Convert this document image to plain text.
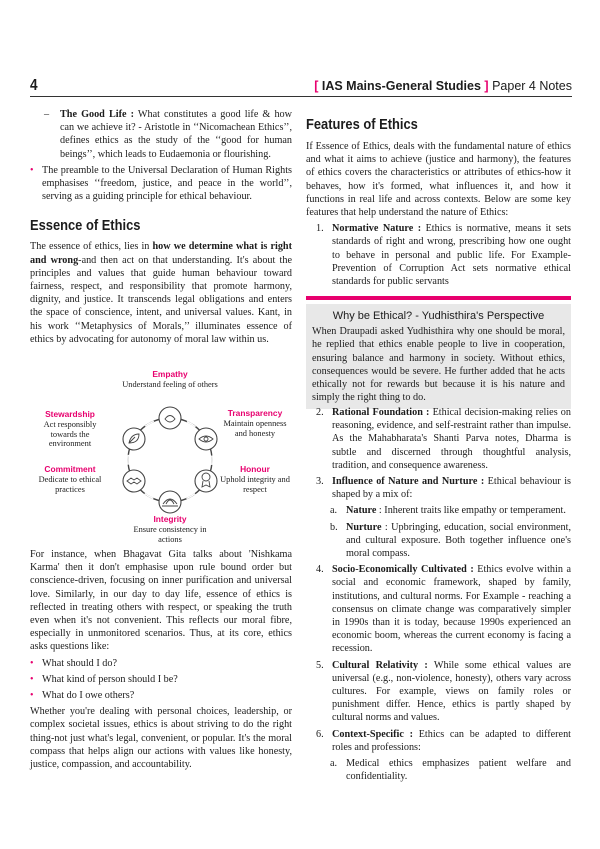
4	[ IAS Mains-General Studies ] Paper 4 Notes
–	The Good Life : What constitutes a good life & how can we achieve it? - Aristotle in ‘‘Nicomachean Ethics’’, defines ethics as the study of the ‘‘good for human beings’’, which leads to Eudaemonia or flourishing.

• The preamble to the Universal Declaration of Human Rights emphasises ‘‘freedom, justice, and peace in the world’’, serving as a guiding principle for ethical behaviour.

Essence of Ethics

The essence of ethics, lies in how we determine what is right and wrong-and then act on that understanding. It's about the principles and values that guide human behaviour toward fairness, respect, and responsibility that promote harmony, dignity, and justice. It transcends legal obligations and enters the space of conscience, intent, and universal values. Kant, in his work ‘‘Metaphysics of Morals,’’ illuminates essence of ethics by advocating for autonomy of moral law within us.

Empathy
Understand feeling of others
Transparency
Maintain openness and honesty
Honour
Uphold integrity and respect
Integrity
Ensure consistency in actions
Commitment
Dedicate to ethical practices
Stewardship
Act responsibly towards the environment

For instance, when Bhagavat Gita talks about 'Nishkama Karma' then it don't emphasise upon rule bound order but conscience-driven, focusing on inner purification and universal love. Similarly, in our day to day life, essence of ethics is reflected in treating others with respect, or speaking the truth even when it's not convenient. This reflects our moral fibre, especially in unmonitored scenarios. Thus, at its core, ethics asks questions like:

• What should I do?
• What kind of person should I be?
• What do I owe others?

Whether you're dealing with personal choices, leadership, or complex societal issues, ethics is about striving to do the right thing-not just what's legal, convenient, or popular. It's the moral compass that helps align our actions with values like honesty, justice, compassion, and accountability.

Features of Ethics

If Essence of Ethics, deals with the fundamental nature of ethics and what it aims to achieve (justice and harmony), the features of ethics covers the characteristics or attributes of ethics-how it behaves, how it's formed, what influences it, and how it functions in real life and across contexts. Below are some key features that help understand the nature of Ethics:

1. Normative Nature : Ethics is normative, means it sets standards of right and wrong, prescribing how one ought to behave in personal and public life. For Example- Prevention of Corruption Act sets normative ethical standards for public servants

Why be Ethical? - Yudhisthira's Perspective

When Draupadi asked Yudhisthira why one should be moral, he replied that ethics enable people to live in cooperation, ensuring balance and harmony in society. Without ethics, consequences would be severe. He further added that he acts ethically not for rewards but because it is his nature and simply the right thing to do.

2. Rational Foundation : Ethical decision-making relies on reasoning, evidence, and self-restraint rather than impulse. As the Mahabharata's Shanti Parva notes, Dharma is subtle and discerned through thoughtful analysis, tradition, and consequence awareness.

3. Influence of Nature and Nurture : Ethical behaviour is shaped by a mix of:

a. Nature : Inherent traits like empathy or temperament.

b. Nurture : Upbringing, education, social environment, and cultural exposure. Both together influence one's moral compass.

4. Socio-Economically Cultivated : Ethics evolve within a social and economic framework, shaped by family, institutions, and cultural norms. For Example - reaching a consensus on climate change was comparatively simpler in 1990s than it is today, because 1990s experienced an economic boom, whereas the current economy is facing a recession.

5. Cultural Relativity : While some ethical values are universal (e.g., non-violence, honesty), others vary across cultures. For example, views on family roles or punishment differ. Hence, ethics is partly shaped by cultural norms and values.

6. Context-Specific : Ethics can be adapted to different roles and professions:

a. Medical ethics emphasizes patient welfare and confidentiality.
